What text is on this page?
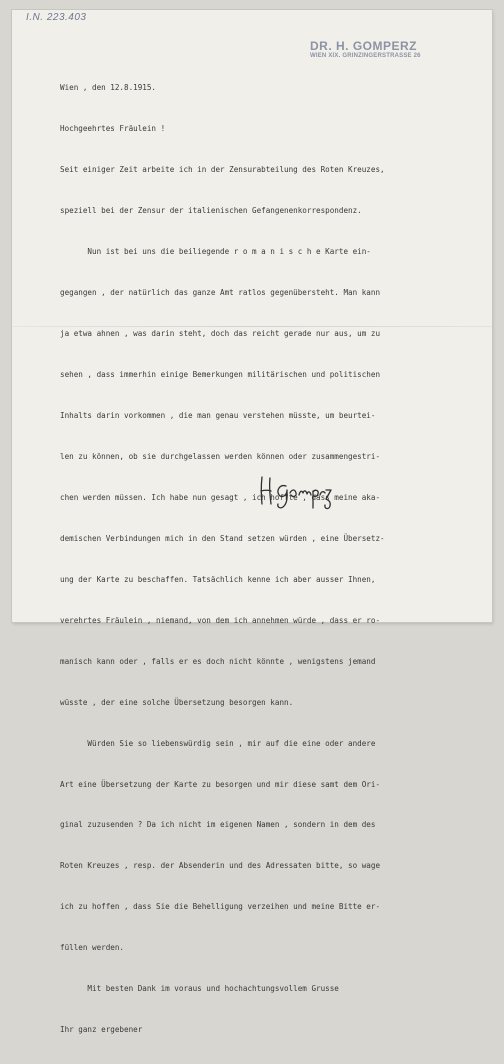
I.N. 223.403
DR. H. GOMPERZ
WIEN XIX. GRINZINGERSTRASSE 26

Wien , den 12.8.1915.

Hochgeehrtes Fräulein !

Seit einiger Zeit arbeite ich in der Zensurabteilung des Roten Kreuzes,

speziell bei der Zensur der italienischen Gefangenenkorrespondenz.

Nun ist bei uns die beiliegende r o m a n i s c h e Karte ein-

gegangen , der natürlich das ganze Amt ratlos gegenübersteht. Man kann

ja etwa ahnen , was darin steht, doch das reicht gerade nur aus, um zu

sehen , dass immerhin einige Bemerkungen militärischen und politischen

Inhalts darin vorkommen , die man genau verstehen müsste, um beurtei-

len zu können, ob sie durchgelassen werden können oder zusammengestri-

chen werden müssen. Ich habe nun gesagt , ich hoffte , dass meine aka-

demischen Verbindungen mich in den Stand setzen würden , eine Übersetz-

ung der Karte zu beschaffen. Tatsächlich kenne ich aber ausser Ihnen,

verehrtes Fräulein , niemand, von dem ich annehmen würde , dass er ro-

manisch kann oder , falls er es doch nicht könnte , wenigstens jemand

wüsste , der eine solche Übersetzung besorgen kann.

Würden Sie so liebenswürdig sein , mir auf die eine oder andere

Art eine Übersetzung der Karte zu besorgen und mir diese samt dem Ori-

ginal zuzusenden ? Da ich nicht im eigenen Namen , sondern in dem des

Roten Kreuzes , resp. der Absenderin und des Adressaten bitte, so wage

ich zu hoffen , dass Sie die Behelligung verzeihen und meine Bitte er-

füllen werden.

Mit besten Dank im voraus und hochachtungsvollem Grusse

Ihr ganz ergebener
